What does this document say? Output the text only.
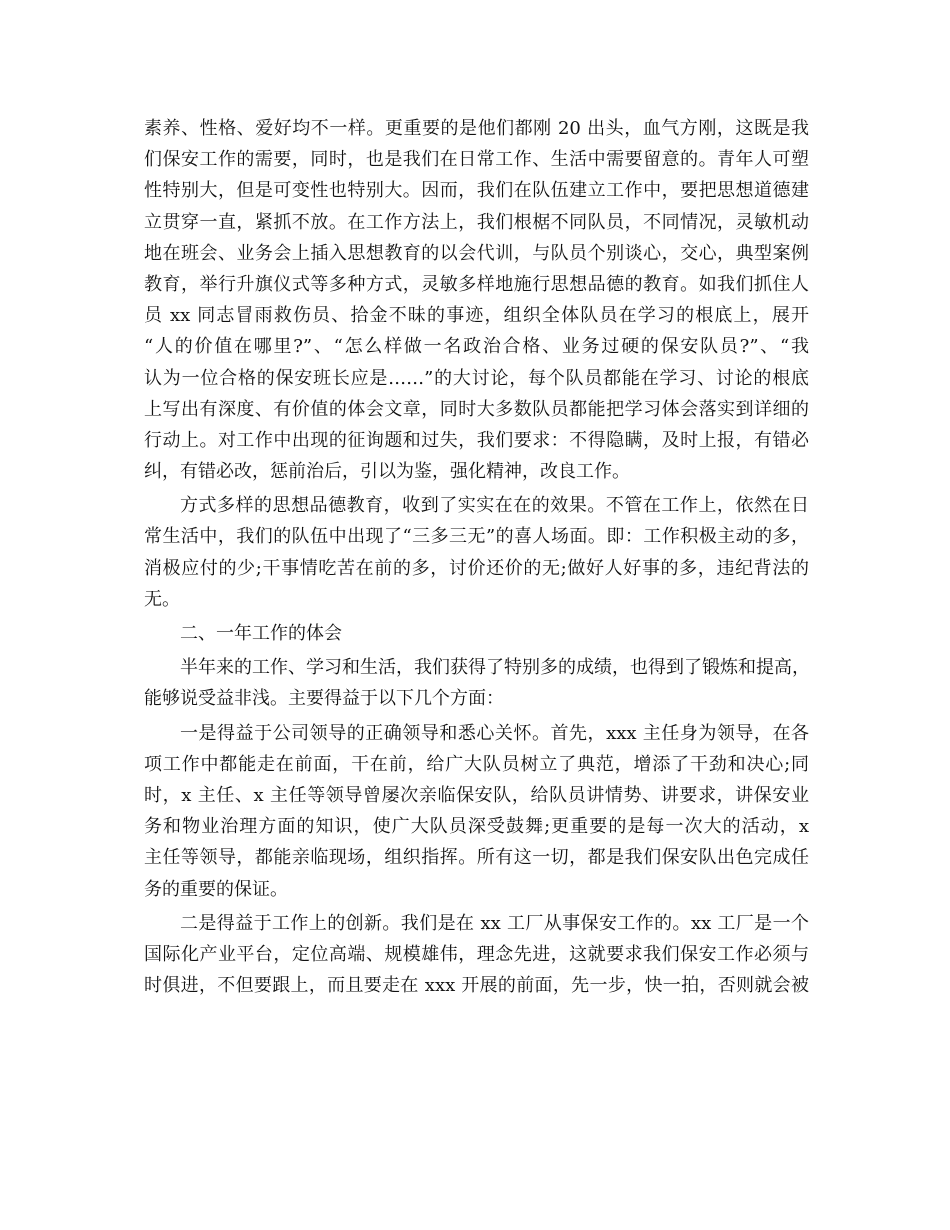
素养、性格、爱好均不一样。更重要的是他们都刚 20 出头，血气方刚，这既是我
们保安工作的需要，同时，也是我们在日常工作、生活中需要留意的。青年人可塑
性特别大，但是可变性也特别大。因而，我们在队伍建立工作中，要把思想道德建
立贯穿一直，紧抓不放。在工作方法上，我们根椐不同队员，不同情况，灵敏机动
地在班会、业务会上插入思想教育的以会代训，与队员个别谈心，交心，典型案例
教育，举行升旗仪式等多种方式，灵敏多样地施行思想品德的教育。如我们抓住人
员 xx 同志冒雨救伤员、拾金不昧的事迹，组织全体队员在学习的根底上，展开
“人的价值在哪里?”、“怎么样做一名政治合格、业务过硬的保安队员?”、“我
认为一位合格的保安班长应是……”的大讨论，每个队员都能在学习、讨论的根底
上写出有深度、有价值的体会文章，同时大多数队员都能把学习体会落实到详细的
行动上。对工作中出现的征询题和过失，我们要求：不得隐瞒，及时上报，有错必
纠，有错必改，惩前治后，引以为鉴，强化精神，改良工作。
方式多样的思想品德教育，收到了实实在在的效果。不管在工作上，依然在日
常生活中，我们的队伍中出现了“三多三无”的喜人场面。即：工作积极主动的多，
消极应付的少;干事情吃苦在前的多，讨价还价的无;做好人好事的多，违纪背法的
无。
二、一年工作的体会
半年来的工作、学习和生活，我们获得了特别多的成绩，也得到了锻炼和提高，
能够说受益非浅。主要得益于以下几个方面：
一是得益于公司领导的正确领导和悉心关怀。首先，xxx 主任身为领导，在各
项工作中都能走在前面，干在前，给广大队员树立了典范，增添了干劲和决心;同
时，x 主任、x 主任等领导曾屡次亲临保安队，给队员讲情势、讲要求，讲保安业
务和物业治理方面的知识，使广大队员深受鼓舞;更重要的是每一次大的活动，x
主任等领导，都能亲临现场，组织指挥。所有这一切，都是我们保安队出色完成任
务的重要的保证。
二是得益于工作上的创新。我们是在 xx 工厂从事保安工作的。xx 工厂是一个
国际化产业平台，定位高端、规模雄伟，理念先进，这就要求我们保安工作必须与
时俱进，不但要跟上，而且要走在 xxx 开展的前面，先一步，快一拍，否则就会被
